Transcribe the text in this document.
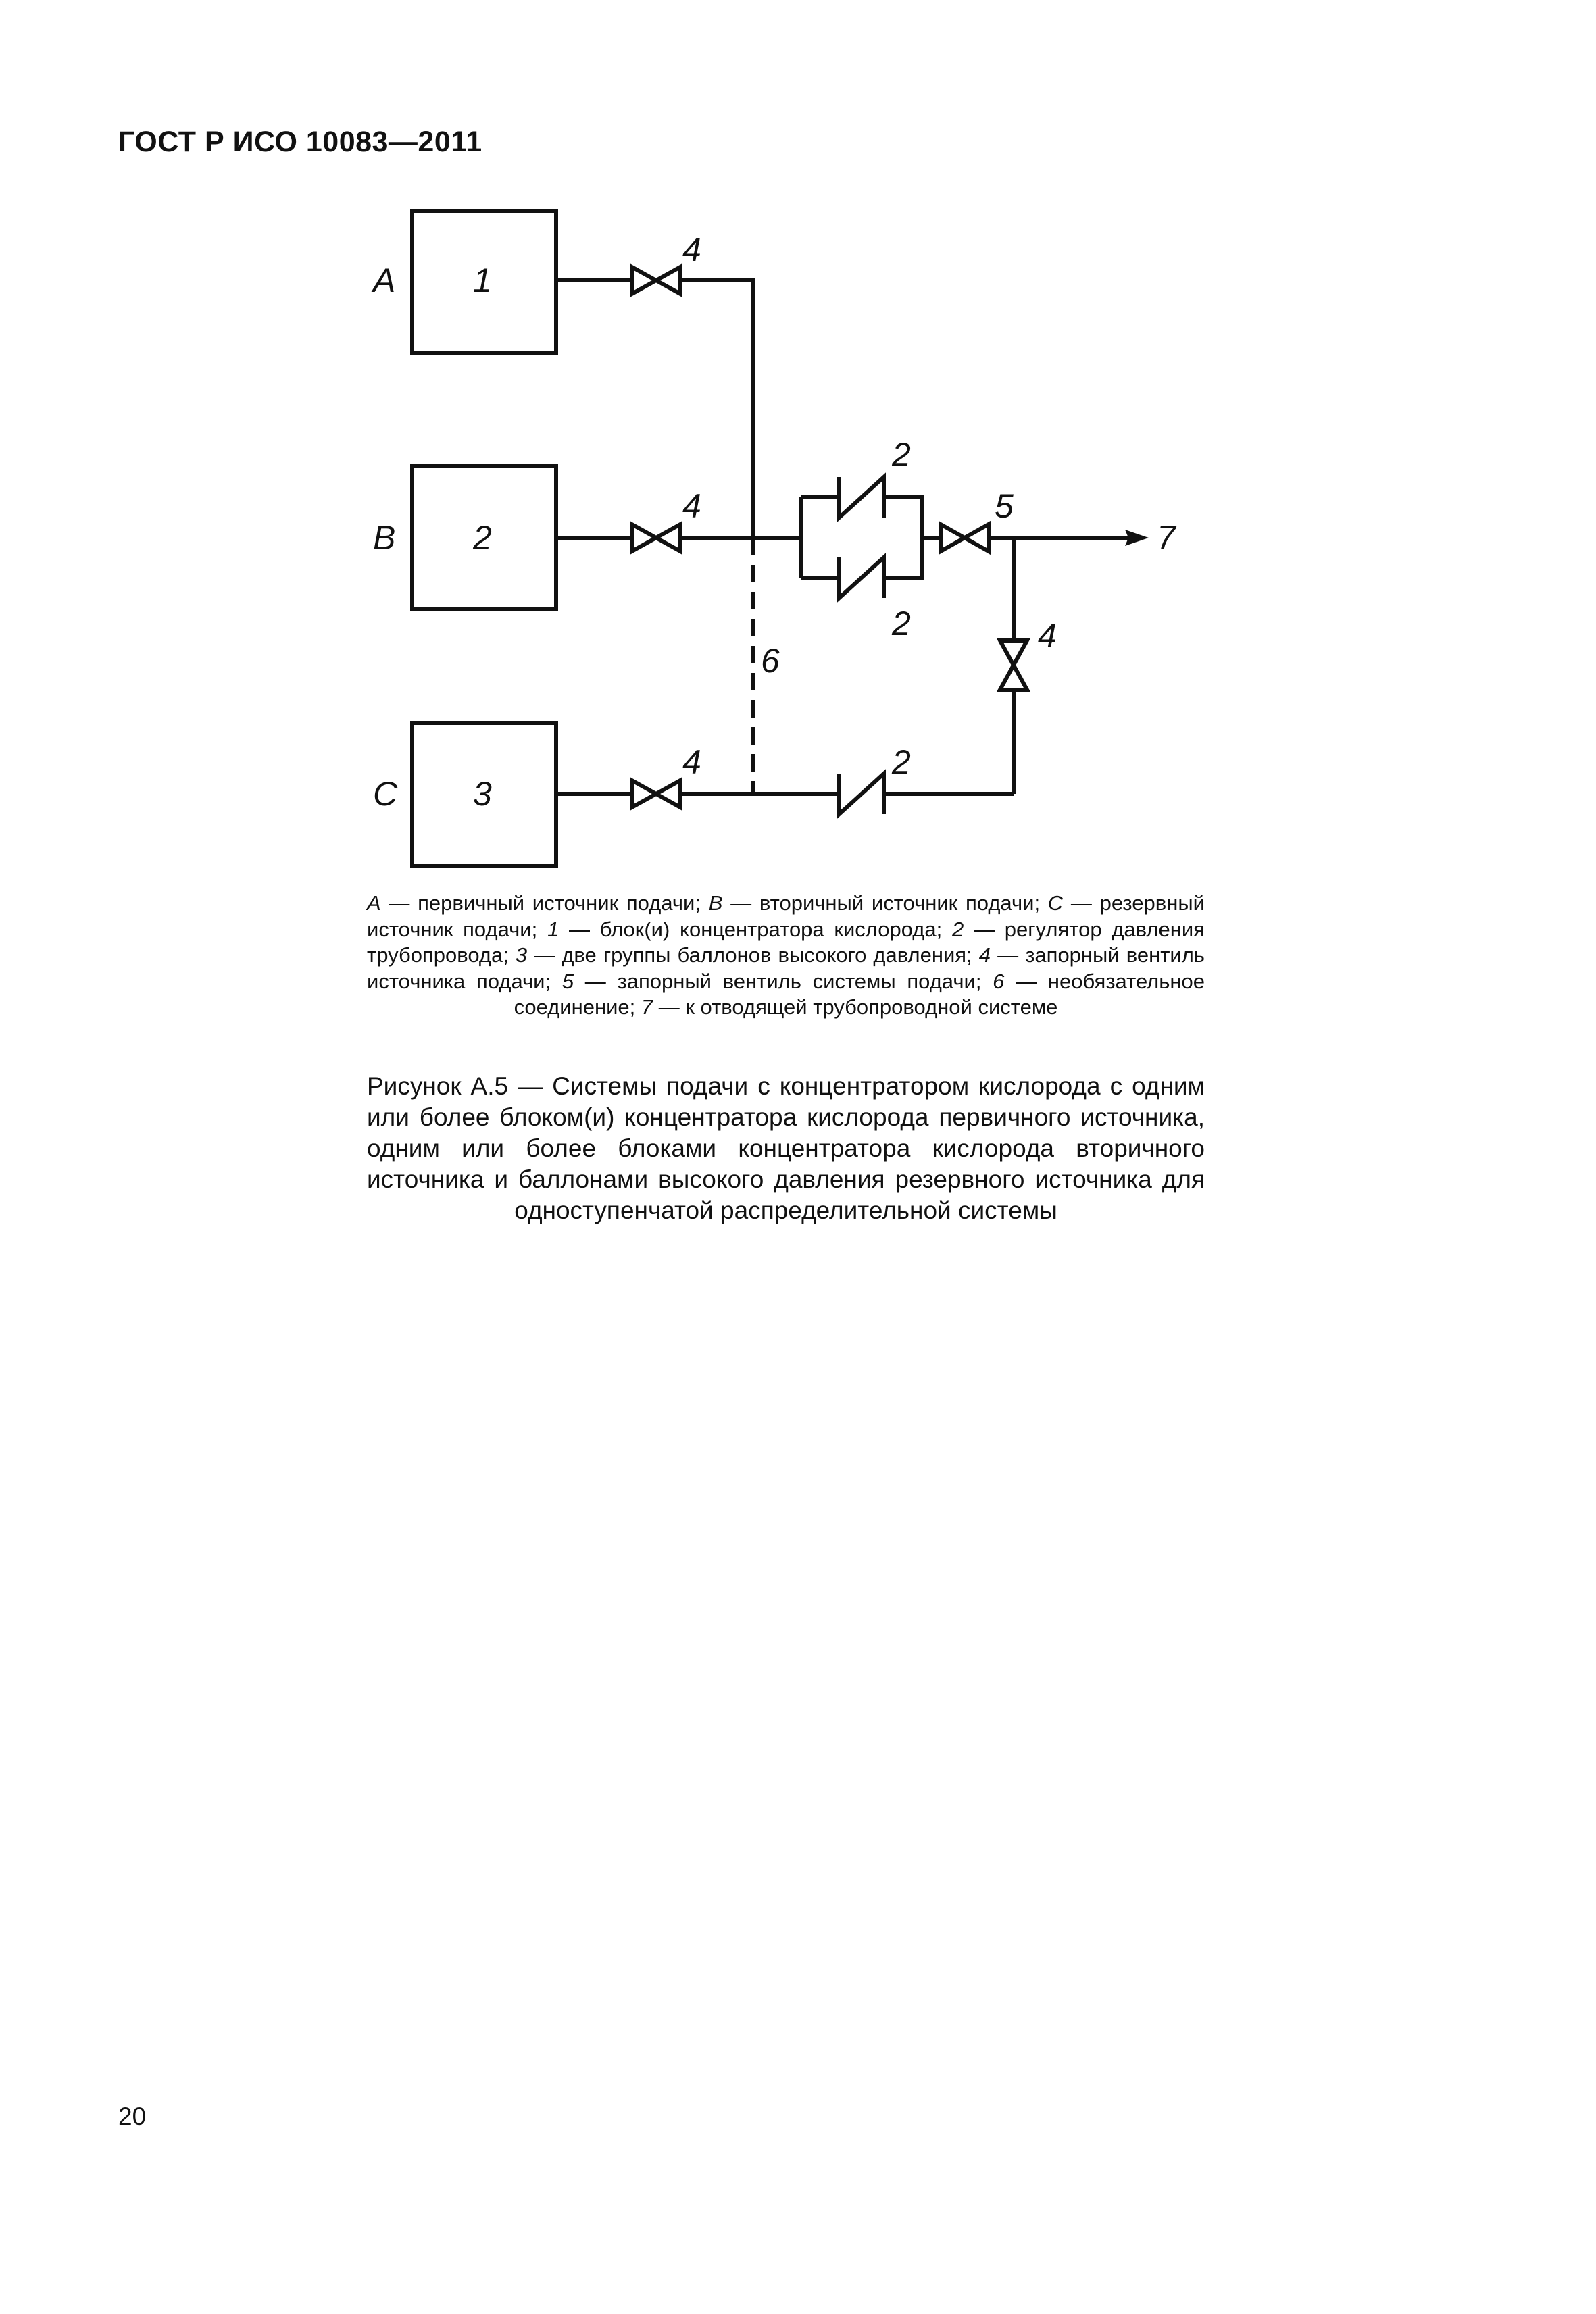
ГОСТ Р ИСО 10083—2011
A
B
C
1
2
3
4
4
4
2
2
5
7
4
6
2
A — первичный источник подачи; B — вторичный источник подачи; C — резервный источник подачи; 1 — блок(и) концентратора кислорода; 2 — регулятор давления трубопровода; 3 — две группы баллонов высокого давления; 4 — запорный вентиль источника подачи; 5 — запорный вентиль системы подачи; 6 — необязательное соединение; 7 — к отводящей трубопроводной системе
Рисунок А.5 — Системы подачи с концентратором кислорода с одним или более блоком(и) концентратора кислорода первичного источника, одним или более блоками концентратора кислорода вторичного источника и баллонами высокого давления резервного источника для одноступенчатой распределительной системы
20
